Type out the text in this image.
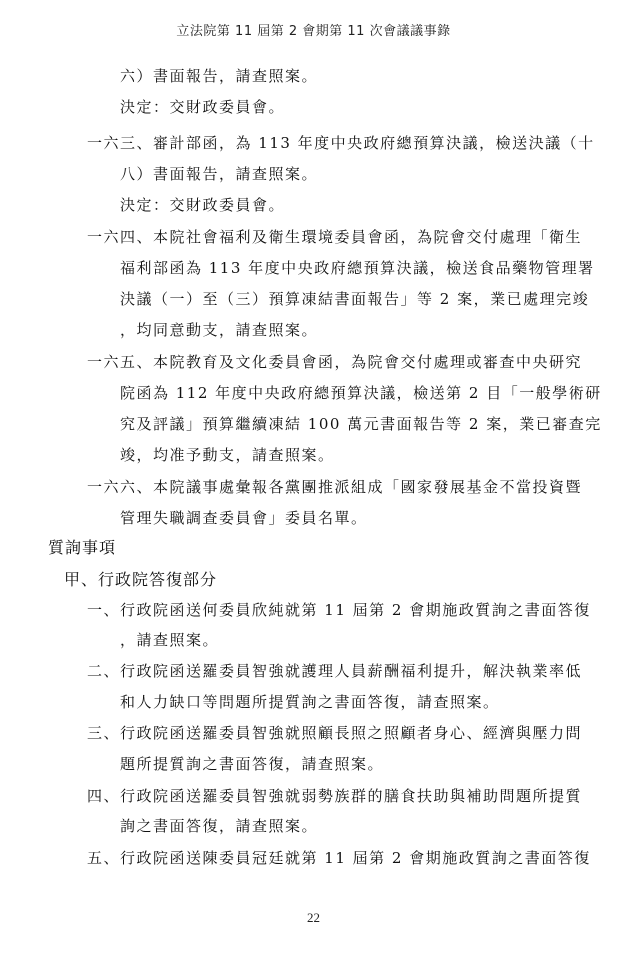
立法院第 11 屆第 2 會期第 11 次會議議事錄
六）書面報告，請查照案。
決定：交財政委員會。
一六三、審計部函，為 113 年度中央政府總預算決議，檢送決議（十
八）書面報告，請查照案。
決定：交財政委員會。
一六四、本院社會福利及衛生環境委員會函，為院會交付處理「衛生
福利部函為 113 年度中央政府總預算決議，檢送食品藥物管理署
決議（一）至（三）預算凍結書面報告」等 2 案，業已處理完竣
，均同意動支，請查照案。
一六五、本院教育及文化委員會函，為院會交付處理或審查中央研究
院函為 112 年度中央政府總預算決議，檢送第 2 目「一般學術研
究及評議」預算繼續凍結 100 萬元書面報告等 2 案，業已審查完
竣，均准予動支，請查照案。
一六六、本院議事處彙報各黨團推派組成「國家發展基金不當投資暨
管理失職調查委員會」委員名單。
質詢事項
甲、行政院答復部分
一、行政院函送何委員欣純就第 11 屆第 2 會期施政質詢之書面答復
，請查照案。
二、行政院函送羅委員智強就護理人員薪酬福利提升，解決執業率低
和人力缺口等問題所提質詢之書面答復，請查照案。
三、行政院函送羅委員智強就照顧長照之照顧者身心、經濟與壓力問
題所提質詢之書面答復，請查照案。
四、行政院函送羅委員智強就弱勢族群的膳食扶助與補助問題所提質
詢之書面答復，請查照案。
五、行政院函送陳委員冠廷就第 11 屆第 2 會期施政質詢之書面答復
22
